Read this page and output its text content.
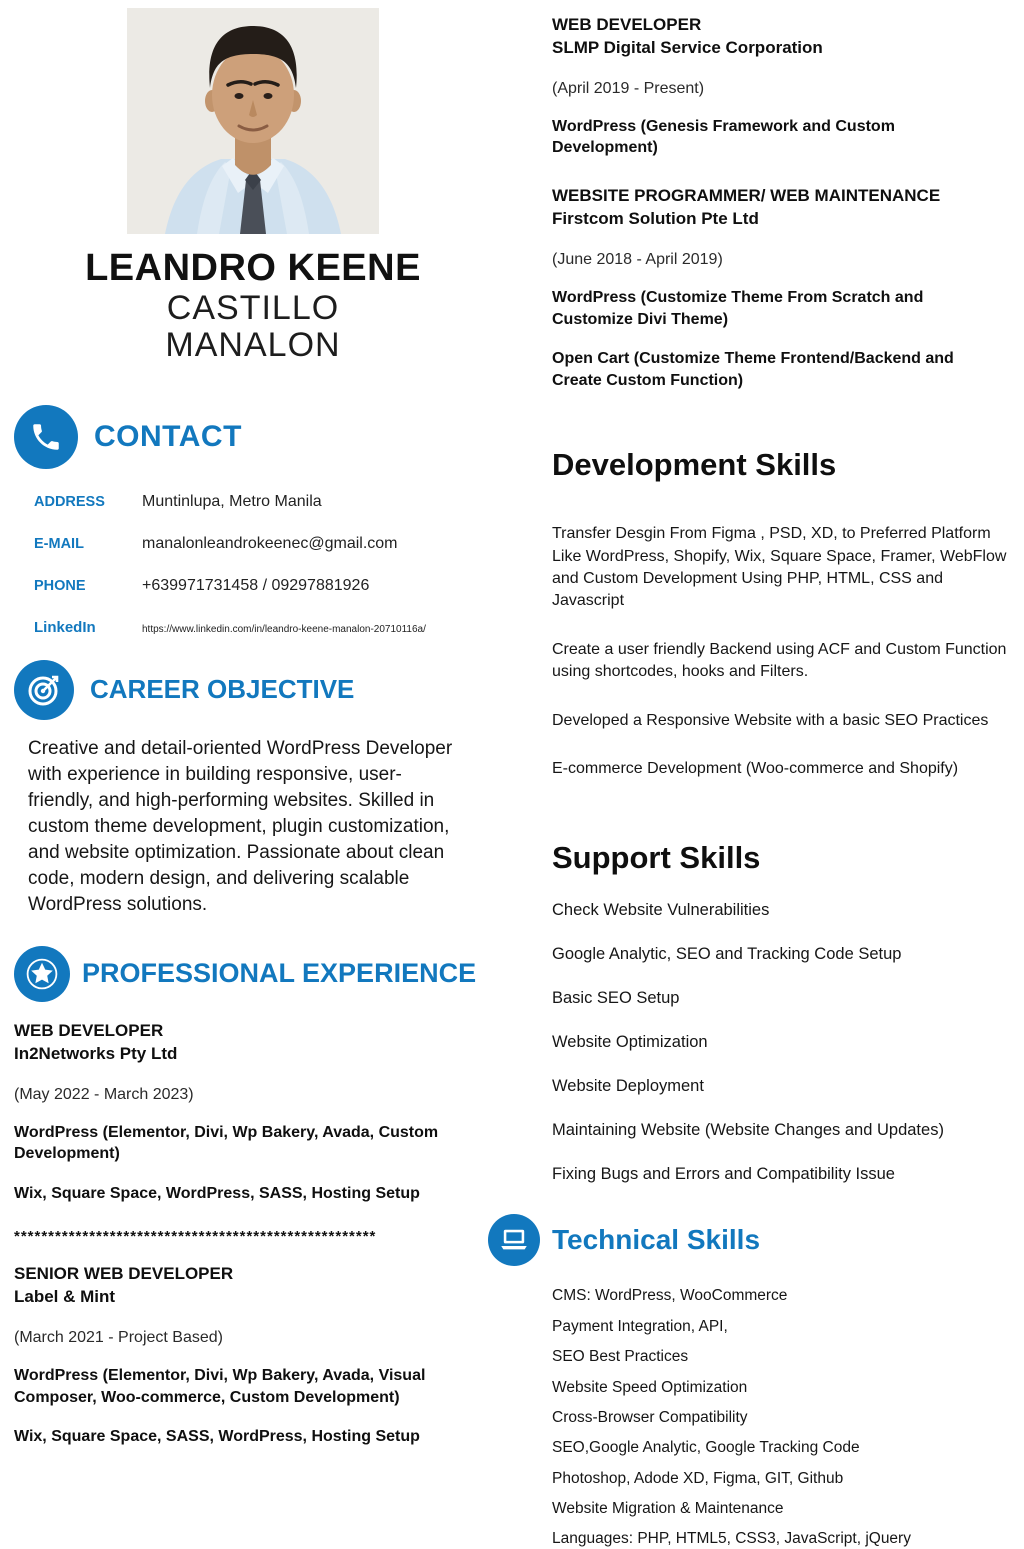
LEANDRO KEENE
CASTILLO
MANALON
CONTACT
ADDRESS	Muntinlupa, Metro Manila
E-MAIL	manalonleandrokeenec@gmail.com
PHONE	+639971731458 / 09297881926
LinkedIn	https://www.linkedin.com/in/leandro-keene-manalon-20710116a/
CAREER OBJECTIVE

Creative and detail-oriented WordPress Developer with experience in building responsive, user-friendly, and high-performing websites. Skilled in custom theme development, plugin customization, and website optimization. Passionate about clean code, modern design, and delivering scalable WordPress solutions.

PROFESSIONAL EXPERIENCE
WEB DEVELOPER
In2Networks Pty Ltd
(May 2022 - March 2023)
WordPress (Elementor, Divi, Wp Bakery, Avada, Custom Development)
Wix, Square Space, WordPress, SASS, Hosting Setup
*****************************************************
SENIOR WEB DEVELOPER
Label & Mint
(March 2021 - Project Based)
WordPress (Elementor, Divi, Wp Bakery, Avada, Visual Composer, Woo-commerce, Custom Development)
Wix, Square Space, SASS, WordPress, Hosting Setup
WEB DEVELOPER
SLMP Digital Service Corporation
(April 2019 - Present)
WordPress (Genesis Framework and Custom Development)
WEBSITE PROGRAMMER/ WEB MAINTENANCE
Firstcom Solution Pte Ltd
(June 2018 - April 2019)
WordPress (Customize Theme From Scratch and Customize Divi Theme)
Open Cart (Customize Theme Frontend/Backend and Create Custom Function)
Development Skills

Transfer Desgin From Figma , PSD, XD, to Preferred Platform Like WordPress, Shopify, Wix, Square Space, Framer, WebFlow and Custom Development Using PHP, HTML, CSS and Javascript

Create a user friendly Backend using ACF and Custom Function using shortcodes, hooks and Filters.

Developed a Responsive Website with a basic SEO Practices

E-commerce Development (Woo-commerce and Shopify)

Support Skills
Check Website Vulnerabilities
Google Analytic, SEO and Tracking Code Setup
Basic SEO Setup
Website Optimization
Website Deployment
Maintaining Website (Website Changes and Updates)
Fixing Bugs and Errors and Compatibility Issue
Technical Skills
CMS: WordPress, WooCommerce
Payment Integration, API,
SEO Best Practices
Website Speed Optimization
Cross-Browser Compatibility
SEO,Google Analytic, Google Tracking Code
Photoshop, Adode XD, Figma, GIT, Github
Website Migration & Maintenance
Languages: PHP, HTML5, CSS3, JavaScript, jQuery
